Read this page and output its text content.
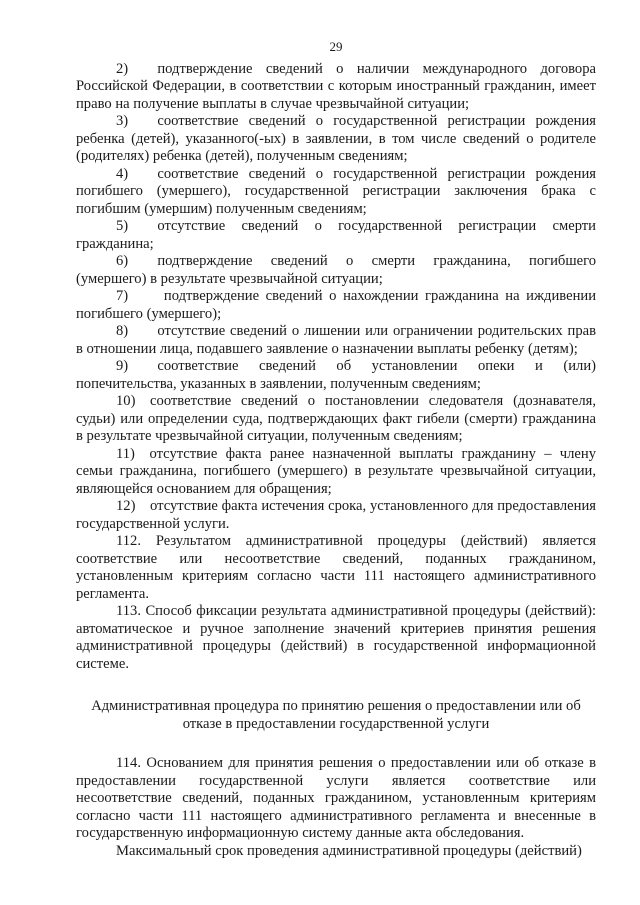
29

2)  подтверждение сведений о наличии международного договора Российской Федерации, в соответствии с которым иностранный гражданин, имеет право на получение выплаты в случае чрезвычайной ситуации;

3)  соответствие сведений о государственной регистрации рождения ребенка (детей), указанного(-ых) в заявлении, в том числе сведений о родителе (родителях) ребенка (детей), полученным сведениям;

4)  соответствие сведений о государственной регистрации рождения погибшего (умершего), государственной регистрации заключения брака с погибшим (умершим) полученным сведениям;

5)  отсутствие сведений о государственной регистрации смерти гражданина;

6)  подтверждение сведений о смерти гражданина, погибшего (умершего) в результате чрезвычайной ситуации;

7)   подтверждение сведений о нахождении гражданина на иждивении погибшего (умершего);

8)  отсутствие сведений о лишении или ограничении родительских прав в отношении лица, подавшего заявление о назначении выплаты ребенку (детям);

9)  соответствие сведений об установлении опеки и (или) попечительства, указанных в заявлении, полученным сведениям;

10) соответствие сведений о постановлении следователя (дознавателя, судьи) или определении суда, подтверждающих факт гибели (смерти) гражданина в результате чрезвычайной ситуации, полученным сведениям;

11) отсутствие факта ранее назначенной выплаты гражданину – члену семьи гражданина, погибшего (умершего) в результате чрезвычайной ситуации, являющейся основанием для обращения;

12) отсутствие факта истечения срока, установленного для предоставления государственной услуги.

112. Результатом административной процедуры (действий) является соответствие или несоответствие сведений, поданных гражданином, установленным критериям согласно части 111 настоящего административного регламента.

113. Способ фиксации результата административной процедуры (действий): автоматическое и ручное заполнение значений критериев принятия решения административной процедуры (действий) в государственной информационной системе.

Административная процедура по принятию решения о предоставлении или об отказе в предоставлении государственной услуги

114. Основанием для принятия решения о предоставлении или об отказе в предоставлении государственной услуги является соответствие или несоответствие сведений, поданных гражданином, установленным критериям согласно части 111 настоящего административного регламента и внесенные в государственную информационную систему данные акта обследования.

Максимальный срок проведения административной процедуры (действий)
